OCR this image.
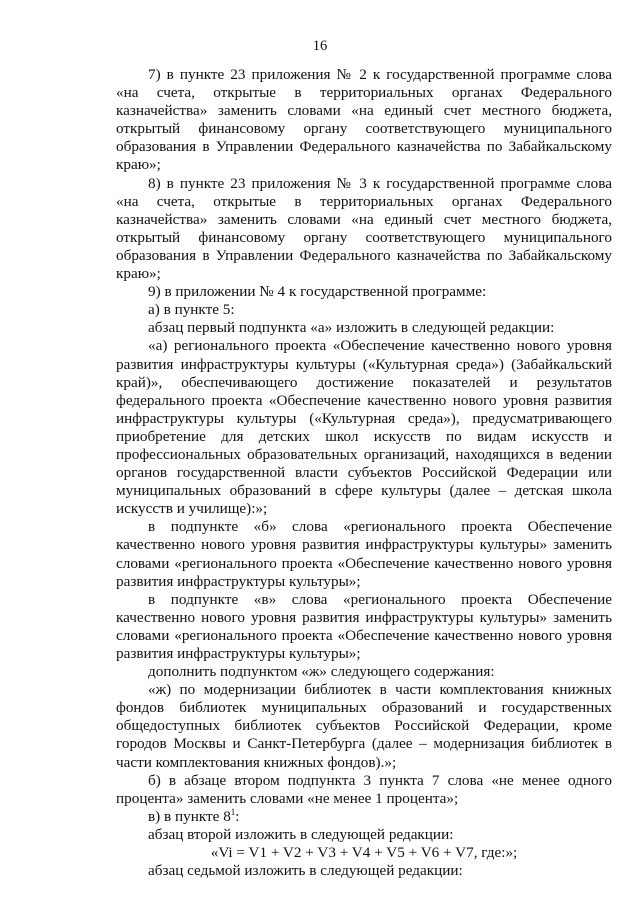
16

7) в пункте 23 приложения № 2 к государственной программе слова «на счета, открытые в территориальных органах Федерального казначейства» заменить словами «на единый счет местного бюджета, открытый финансовому органу соответствующего муниципального образования в Управлении Федерального казначейства по Забайкальскому краю»;

8) в пункте 23 приложения № 3 к государственной программе слова «на счета, открытые в территориальных органах Федерального казначейства» заменить словами «на единый счет местного бюджета, открытый финансовому органу соответствующего муниципального образования в Управлении Федерального казначейства по Забайкальскому краю»;

9) в приложении № 4 к государственной программе:

а) в пункте 5:

абзац первый подпункта «а» изложить в следующей редакции:

«а) регионального проекта «Обеспечение качественно нового уровня развития инфраструктуры культуры («Культурная среда») (Забайкальский край)», обеспечивающего достижение показателей и результатов федерального проекта «Обеспечение качественно нового уровня развития инфраструктуры культуры («Культурная среда»), предусматривающего приобретение для детских школ искусств по видам искусств и профессиональных образовательных организаций, находящихся в ведении органов государственной власти субъектов Российской Федерации или муниципальных образований в сфере культуры (далее – детская школа искусств и училище):»;

в подпункте «б» слова «регионального проекта Обеспечение качественно нового уровня развития инфраструктуры культуры» заменить словами «регионального проекта «Обеспечение качественно нового уровня развития инфраструктуры культуры»;

в подпункте «в» слова «регионального проекта Обеспечение качественно нового уровня развития инфраструктуры культуры» заменить словами «регионального проекта «Обеспечение качественно нового уровня развития инфраструктуры культуры»;

дополнить подпунктом «ж» следующего содержания:

«ж) по модернизации библиотек в части комплектования книжных фондов библиотек муниципальных образований и государственных общедоступных библиотек субъектов Российской Федерации, кроме городов Москвы и Санкт-Петербурга (далее – модернизация библиотек в части комплектования книжных фондов).»;

б) в абзаце втором подпункта 3 пункта 7 слова «не менее одного процента» заменить словами «не менее 1 процента»;

в) в пункте $8^1$:

абзац второй изложить в следующей редакции:

«Vi = V1 + V2 + V3 + V4 + V5 + V6 + V7, где:»;

абзац седьмой изложить в следующей редакции:
